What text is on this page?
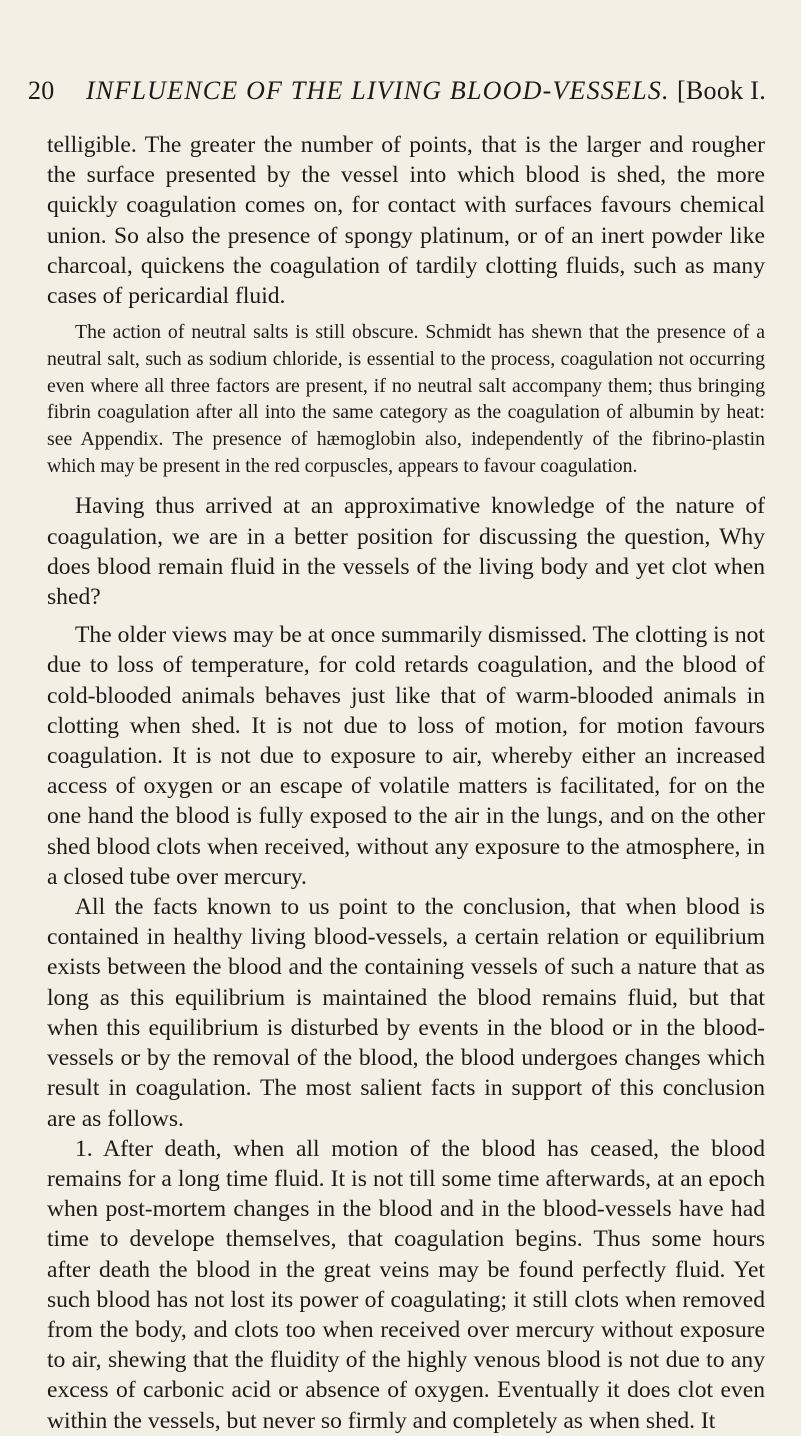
20 INFLUENCE OF THE LIVING BLOOD-VESSELS. [Book I.

telligible. The greater the number of points, that is the larger and rougher the surface presented by the vessel into which blood is shed, the more quickly coagulation comes on, for contact with surfaces favours chemical union. So also the presence of spongy platinum, or of an inert powder like charcoal, quickens the coagulation of tardily clotting fluids, such as many cases of pericardial fluid.

The action of neutral salts is still obscure. Schmidt has shewn that the presence of a neutral salt, such as sodium chloride, is essential to the process, coagulation not occurring even where all three factors are present, if no neutral salt accompany them; thus bringing fibrin coagulation after all into the same category as the coagulation of albumin by heat: see Appendix. The presence of hæmoglobin also, independently of the fibrino-plastin which may be present in the red corpuscles, appears to favour coagulation.

Having thus arrived at an approximative knowledge of the nature of coagulation, we are in a better position for discussing the question, Why does blood remain fluid in the vessels of the living body and yet clot when shed?

The older views may be at once summarily dismissed. The clotting is not due to loss of temperature, for cold retards coagulation, and the blood of cold-blooded animals behaves just like that of warm-blooded animals in clotting when shed. It is not due to loss of motion, for motion favours coagulation. It is not due to exposure to air, whereby either an increased access of oxygen or an escape of volatile matters is facilitated, for on the one hand the blood is fully exposed to the air in the lungs, and on the other shed blood clots when received, without any exposure to the atmosphere, in a closed tube over mercury.

All the facts known to us point to the conclusion, that when blood is contained in healthy living blood-vessels, a certain relation or equilibrium exists between the blood and the containing vessels of such a nature that as long as this equilibrium is maintained the blood remains fluid, but that when this equilibrium is disturbed by events in the blood or in the blood-vessels or by the removal of the blood, the blood undergoes changes which result in coagulation. The most salient facts in support of this conclusion are as follows.

1. After death, when all motion of the blood has ceased, the blood remains for a long time fluid. It is not till some time afterwards, at an epoch when post-mortem changes in the blood and in the blood-vessels have had time to develope themselves, that coagulation begins. Thus some hours after death the blood in the great veins may be found perfectly fluid. Yet such blood has not lost its power of coagulating; it still clots when removed from the body, and clots too when received over mercury without exposure to air, shewing that the fluidity of the highly venous blood is not due to any excess of carbonic acid or absence of oxygen. Eventually it does clot even within the vessels, but never so firmly and completely as when shed. It
